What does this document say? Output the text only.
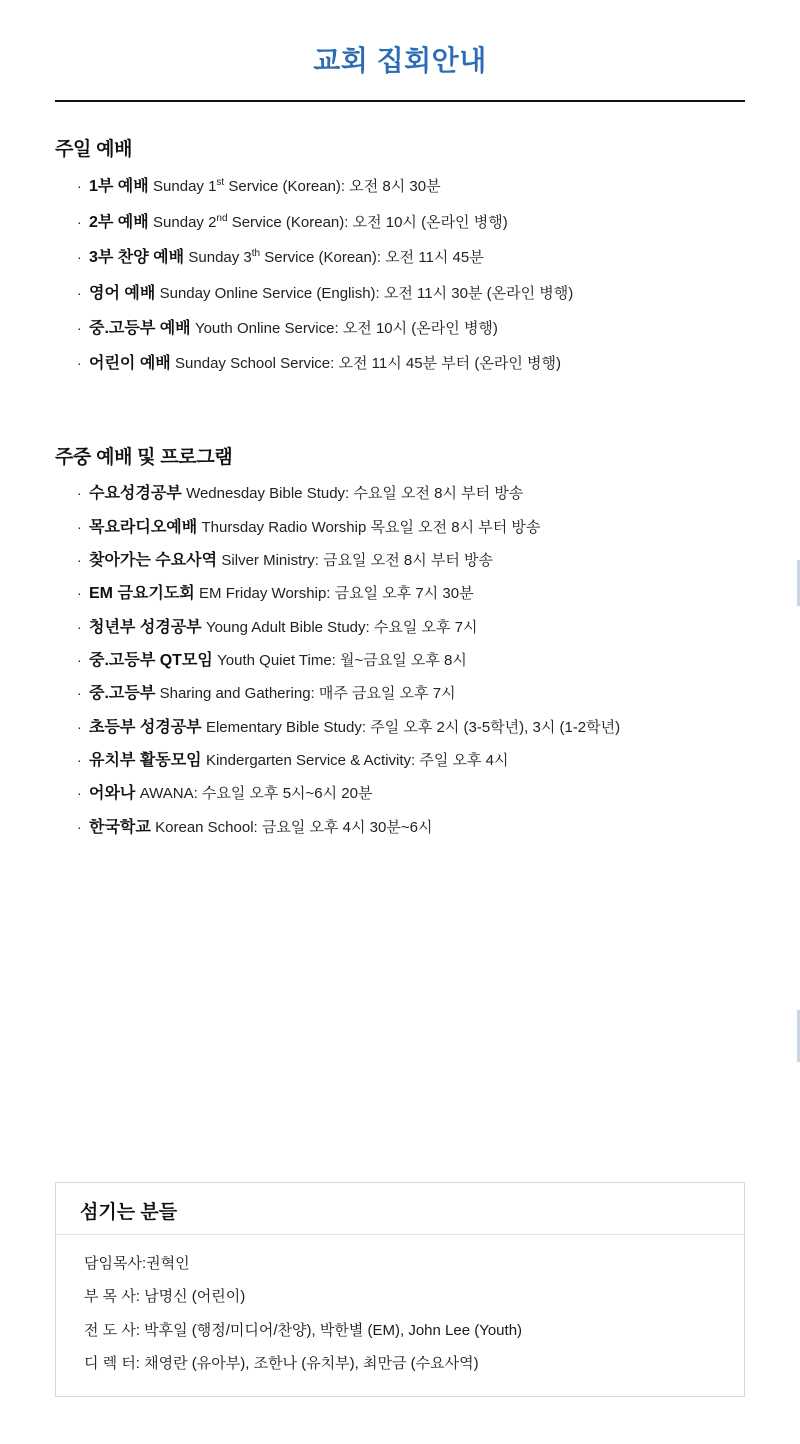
교회 집회안내
주일 예배
· 1부 예배 Sunday 1st Service (Korean): 오전 8시 30분
· 2부 예배 Sunday 2nd Service (Korean): 오전 10시 (온라인 병행)
· 3부 찬양 예배 Sunday 3th Service (Korean): 오전 11시 45분
· 영어 예배 Sunday Online Service (English): 오전 11시 30분 (온라인 병행)
· 중.고등부 예배 Youth Online Service: 오전 10시 (온라인 병행)
· 어린이 예배 Sunday School Service: 오전 11시 45분 부터 (온라인 병행)
주중 예배 및 프로그램
· 수요성경공부 Wednesday Bible Study: 수요일 오전 8시 부터 방송
· 목요라디오예배 Thursday Radio Worship 목요일 오전 8시 부터 방송
· 찾아가는 수요사역 Silver Ministry: 금요일 오전 8시 부터 방송
· EM 금요기도회 EM Friday Worship: 금요일 오후 7시 30분
· 청년부 성경공부 Young Adult Bible Study: 수요일 오후 7시
· 중.고등부 QT모임 Youth Quiet Time: 월~금요일 오후 8시
· 중.고등부 Sharing and Gathering: 매주 금요일 오후 7시
· 초등부 성경공부 Elementary Bible Study: 주일 오후 2시 (3-5학년), 3시 (1-2학년)
· 유치부 활동모임 Kindergarten Service & Activity: 주일 오후 4시
· 어와나 AWANA: 수요일 오후 5시~6시 20분
· 한국학교 Korean School: 금요일 오후 4시 30분~6시
섬기는 분들
담임목사:권혁인
부 목 사: 남명신 (어린이)
전 도 사: 박후일 (행정/미디어/찬양), 박한별 (EM), John Lee (Youth)
디 렉 터: 채영란 (유아부), 조한나 (유치부), 최만금 (수요사역)
